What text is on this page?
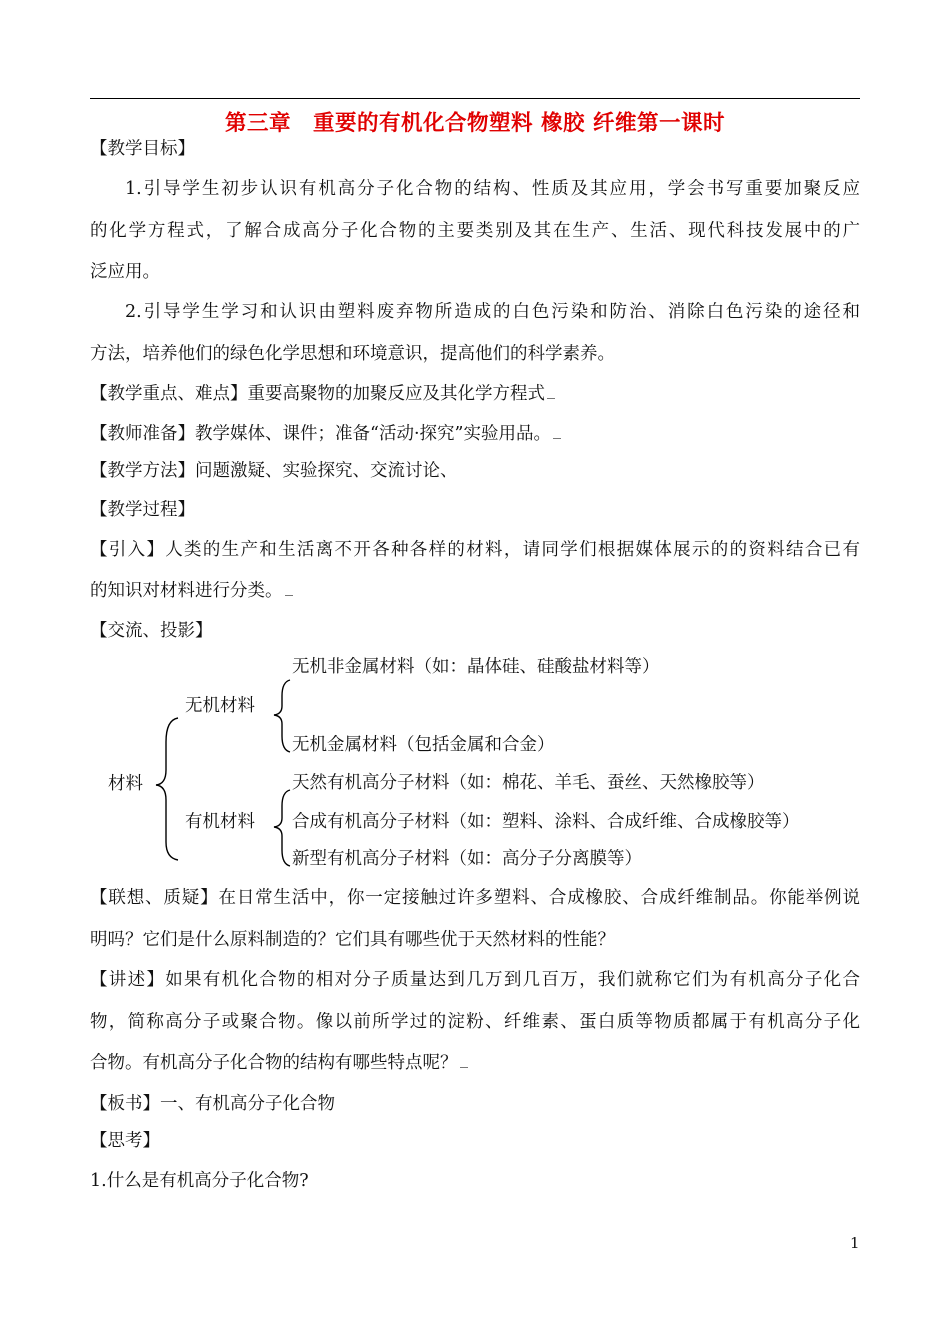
第三章　重要的有机化合物塑料 橡胶 纤维第一课时
【教学目标】
1.引导学生初步认识有机高分子化合物的结构、性质及其应用，学会书写重要加聚反应
的化学方程式，了解合成高分子化合物的主要类别及其在生产、生活、现代科技发展中的广
泛应用。
2.引导学生学习和认识由塑料废弃物所造成的白色污染和防治、消除白色污染的途径和
方法，培养他们的绿色化学思想和环境意识，提高他们的科学素养。
【教学重点、难点】重要高聚物的加聚反应及其化学方程式
【教师准备】教学媒体、课件；准备“活动·探究”实验用品。
【教学方法】问题激疑、实验探究、交流讨论、
【教学过程】
【引入】人类的生产和生活离不开各种各样的材料，请同学们根据媒体展示的的资料结合已有
的知识对材料进行分类。
【交流、投影】
无机非金属材料（如：晶体硅、硅酸盐材料等）
无机材料
无机金属材料（包括金属和合金）
材料	天然有机高分子材料（如：棉花、羊毛、蚕丝、天然橡胶等）
有机材料 合成有机高分子材料（如：塑料、涂料、合成纤维、合成橡胶等）
新型有机高分子材料（如：高分子分离膜等）
【联想、质疑】在日常生活中，你一定接触过许多塑料、合成橡胶、合成纤维制品。你能举例说
明吗？它们是什么原料制造的？它们具有哪些优于天然材料的性能？
【讲述】如果有机化合物的相对分子质量达到几万到几百万，我们就称它们为有机高分子化合
物，简称高分子或聚合物。像以前所学过的淀粉、纤维素、蛋白质等物质都属于有机高分子化
合物。有机高分子化合物的结构有哪些特点呢？
【板书】一、有机高分子化合物
【思考】
1.什么是有机高分子化合物?
1
